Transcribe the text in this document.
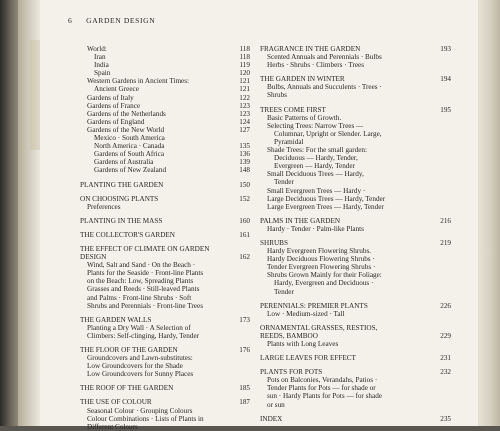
6 GARDEN DESIGN
World:	118
Iran	118
India	119
Spain	120
Western Gardens in Ancient Times:	121
Ancient Greece	121
Gardens of Italy	122
Gardens of France	123
Gardens of the Netherlands	123
Gardens of England	124
Gardens of the New World	127
Mexico · South America
North America · Canada	135
Gardens of South Africa	136
Gardens of Australia	139
Gardens of New Zealand	148
PLANTING THE GARDEN	150
ON CHOOSING PLANTS	152
Preferences
PLANTING IN THE MASS	160
THE COLLECTOR'S GARDEN	161
THE EFFECT OF CLIMATE ON GARDEN
DESIGN	162
Wind, Salt and Sand · On the Beach ·
Plants for the Seaside · Front-line Plants
on the Beach: Low, Spreading Plants
Grasses and Reeds · Still-leaved Plants
and Palms · Front-line Shrubs · Soft
Shrubs and Perennials · Front-line Trees
THE GARDEN WALLS	173
Planting a Dry Wall · A Selection of
Climbers: Self-clinging, Hardy, Tender
THE FLOOR OF THE GARDEN	176
Groundcovers and Lawn-substitutes:
Low Groundcovers for the Shade
Low Groundcovers for Sunny Places
THE ROOF OF THE GARDEN	185
THE USE OF COLOUR	187
Seasonal Colour · Grouping Colours
Colour Combinations · Lists of Plants in
Different Colours
FRAGRANCE IN THE GARDEN	193
Scented Annuals and Perennials · Bulbs
Herbs · Shrubs · Climbers · Trees
THE GARDEN IN WINTER	194
Bulbs, Annuals and Succulents · Trees ·
Shrubs
TREES COME FIRST	195
Basic Patterns of Growth.
Selecting Trees: Narrow Trees —
Columnar, Upright or Slender. Large,
Pyramidal
Shade Trees: For the small garden:
Deciduous — Hardy, Tender,
Evergreen — Hardy, Tender
Small Deciduous Trees — Hardy,
Tender
Small Evergreen Trees — Hardy ·
Large Deciduous Trees — Hardy, Tender
Large Evergreen Trees — Hardy, Tender
PALMS IN THE GARDEN	216
Hardy · Tender · Palm-like Plants
SHRUBS	219
Hardy Evergreen Flowering Shrubs.
Hardy Deciduous Flowering Shrubs ·
Tender Evergreen Flowering Shrubs ·
Shrubs Grown Mainly for their Foliage:
Hardy, Evergreen and Deciduous ·
Tender
PERENNIALS: PREMIER PLANTS	226
Low · Medium-sized · Tall
ORNAMENTAL GRASSES, RESTIOS,
REEDS, BAMBOO	229
Plants with Long Leaves
LARGE LEAVES FOR EFFECT	231
PLANTS FOR POTS	232
Pots on Balconies, Verandahs, Patios ·
Tender Plants for Pots — for shade or
sun · Hardy Plants for Pots — for shade
or sun
INDEX	235
